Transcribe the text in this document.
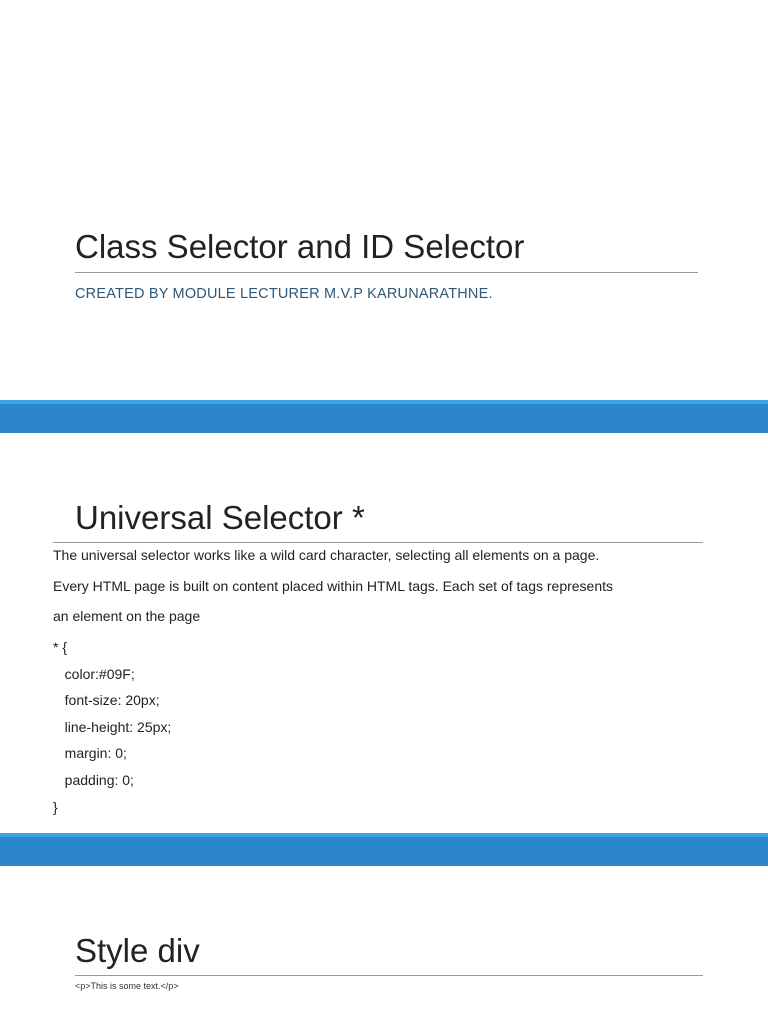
Class Selector and ID Selector
CREATED BY MODULE LECTURER M.V.P KARUNARATHNE.
Universal Selector *

The universal selector works like a wild card character, selecting all elements on a page.

Every HTML page is built on content placed within HTML tags. Each set of tags represents

an element on the page

* {
color:#09F;
font-size: 20px;
line-height: 25px;
margin: 0;
padding: 0;
}
Style div
<p>This is some text.</p>
